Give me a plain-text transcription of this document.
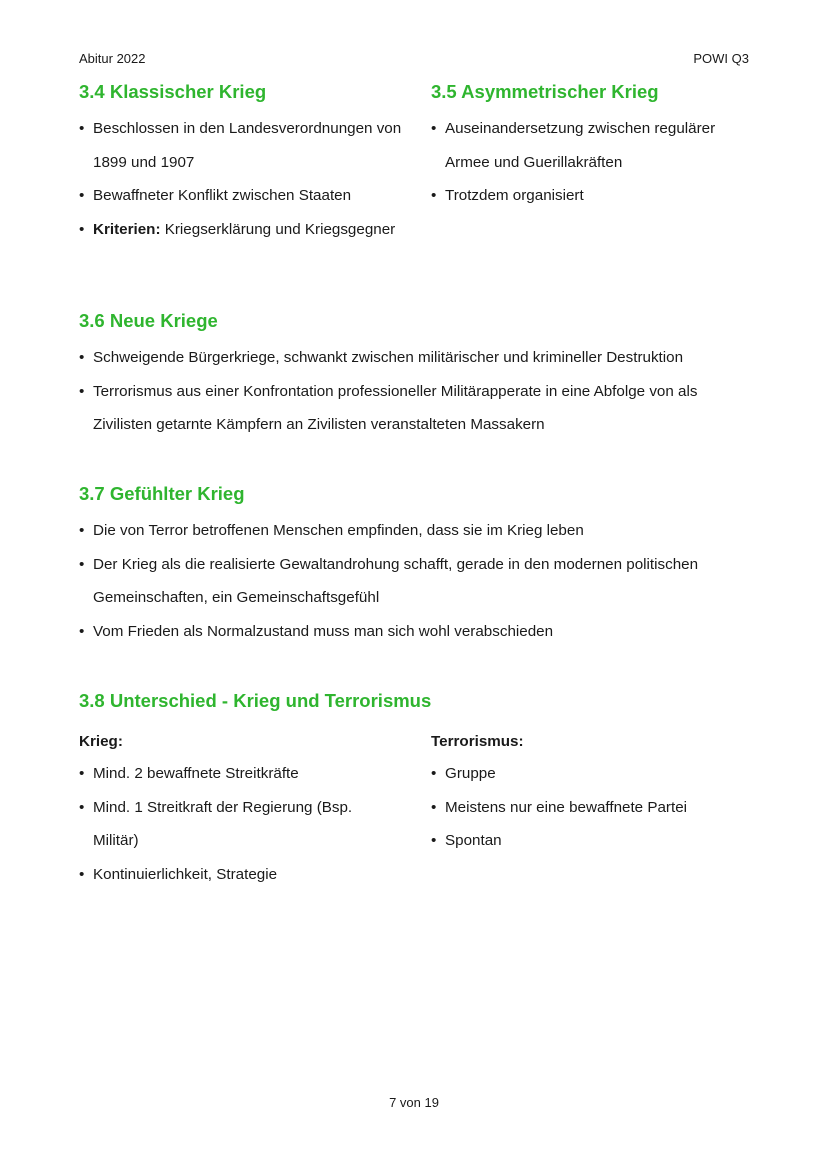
Abitur 2022	POWI Q3
3.4 Klassischer Krieg
• Beschlossen in den Landesverordnungen von 1899 und 1907
• Bewaffneter Konflikt zwischen Staaten
• Kriterien: Kriegserklärung und Kriegsgegner
3.5 Asymmetrischer Krieg
• Auseinandersetzung zwischen regulärer Armee und Guerillakräften
• Trotzdem organisiert
3.6 Neue Kriege
• Schweigende Bürgerkriege, schwankt zwischen militärischer und krimineller Destruktion
• Terrorismus aus einer Konfrontation professioneller Militärapperate in eine Abfolge von als Zivilisten getarnte Kämpfern an Zivilisten veranstalteten Massakern
3.7 Gefühlter Krieg
• Die von Terror betroffenen Menschen empfinden, dass sie im Krieg leben
• Der Krieg als die realisierte Gewaltandrohung schafft, gerade in den modernen politischen Gemeinschaften, ein Gemeinschaftsgefühl
• Vom Frieden als Normalzustand muss man sich wohl verabschieden
3.8 Unterschied - Krieg und Terrorismus
Krieg:
• Mind. 2 bewaffnete Streitkräfte
• Mind. 1 Streitkraft der Regierung (Bsp. Militär)
• Kontinuierlichkeit, Strategie
Terrorismus:
• Gruppe
• Meistens nur eine bewaffnete Partei
• Spontan
7 von 19
